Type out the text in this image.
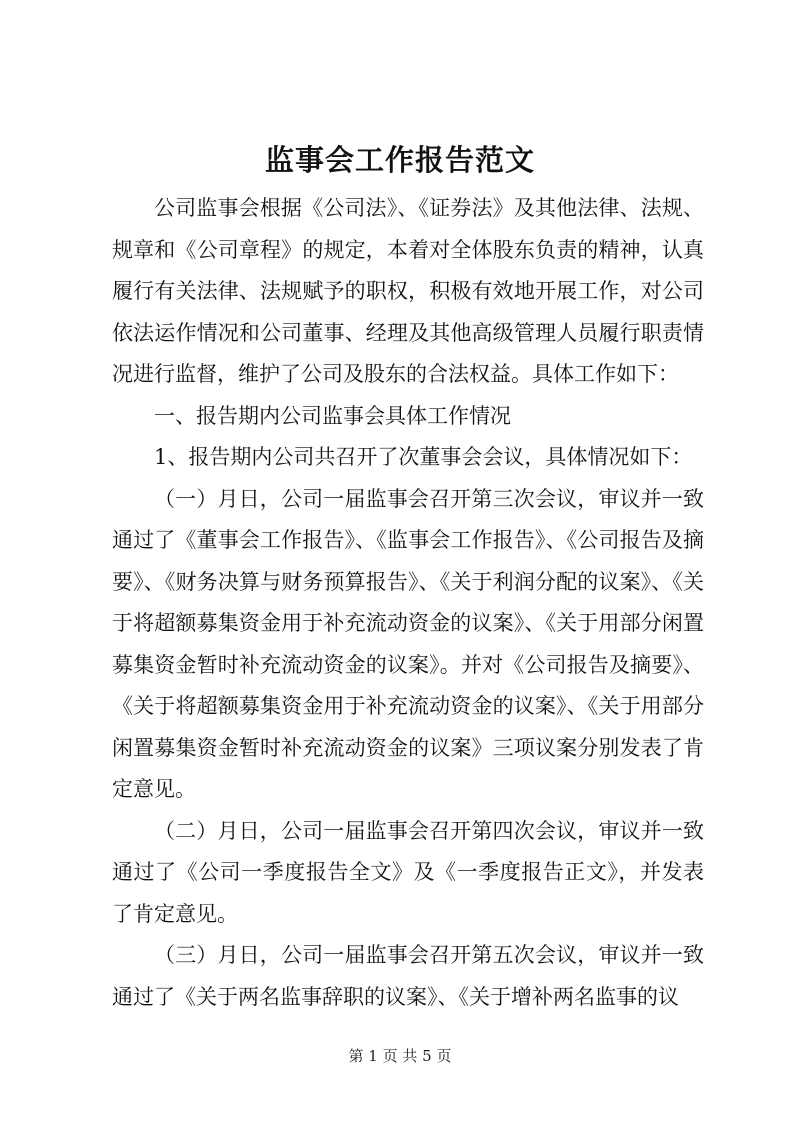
监事会工作报告范文

公司监事会根据《公司法》、《证券法》及其他法律、法规、规章和《公司章程》的规定，本着对全体股东负责的精神，认真履行有关法律、法规赋予的职权，积极有效地开展工作，对公司依法运作情况和公司董事、经理及其他高级管理人员履行职责情况进行监督，维护了公司及股东的合法权益。具体工作如下：

一、报告期内公司监事会具体工作情况

1、报告期内公司共召开了次董事会会议，具体情况如下：

（一）月日，公司一届监事会召开第三次会议，审议并一致通过了《董事会工作报告》、《监事会工作报告》、《公司报告及摘要》、《财务决算与财务预算报告》、《关于利润分配的议案》、《关于将超额募集资金用于补充流动资金的议案》、《关于用部分闲置募集资金暂时补充流动资金的议案》。并对《公司报告及摘要》、《关于将超额募集资金用于补充流动资金的议案》、《关于用部分闲置募集资金暂时补充流动资金的议案》三项议案分别发表了肯定意见。

（二）月日，公司一届监事会召开第四次会议，审议并一致通过了《公司一季度报告全文》及《一季度报告正文》，并发表了肯定意见。

（三）月日，公司一届监事会召开第五次会议，审议并一致通过了《关于两名监事辞职的议案》、《关于增补两名监事的议

第 1 页 共 5 页
